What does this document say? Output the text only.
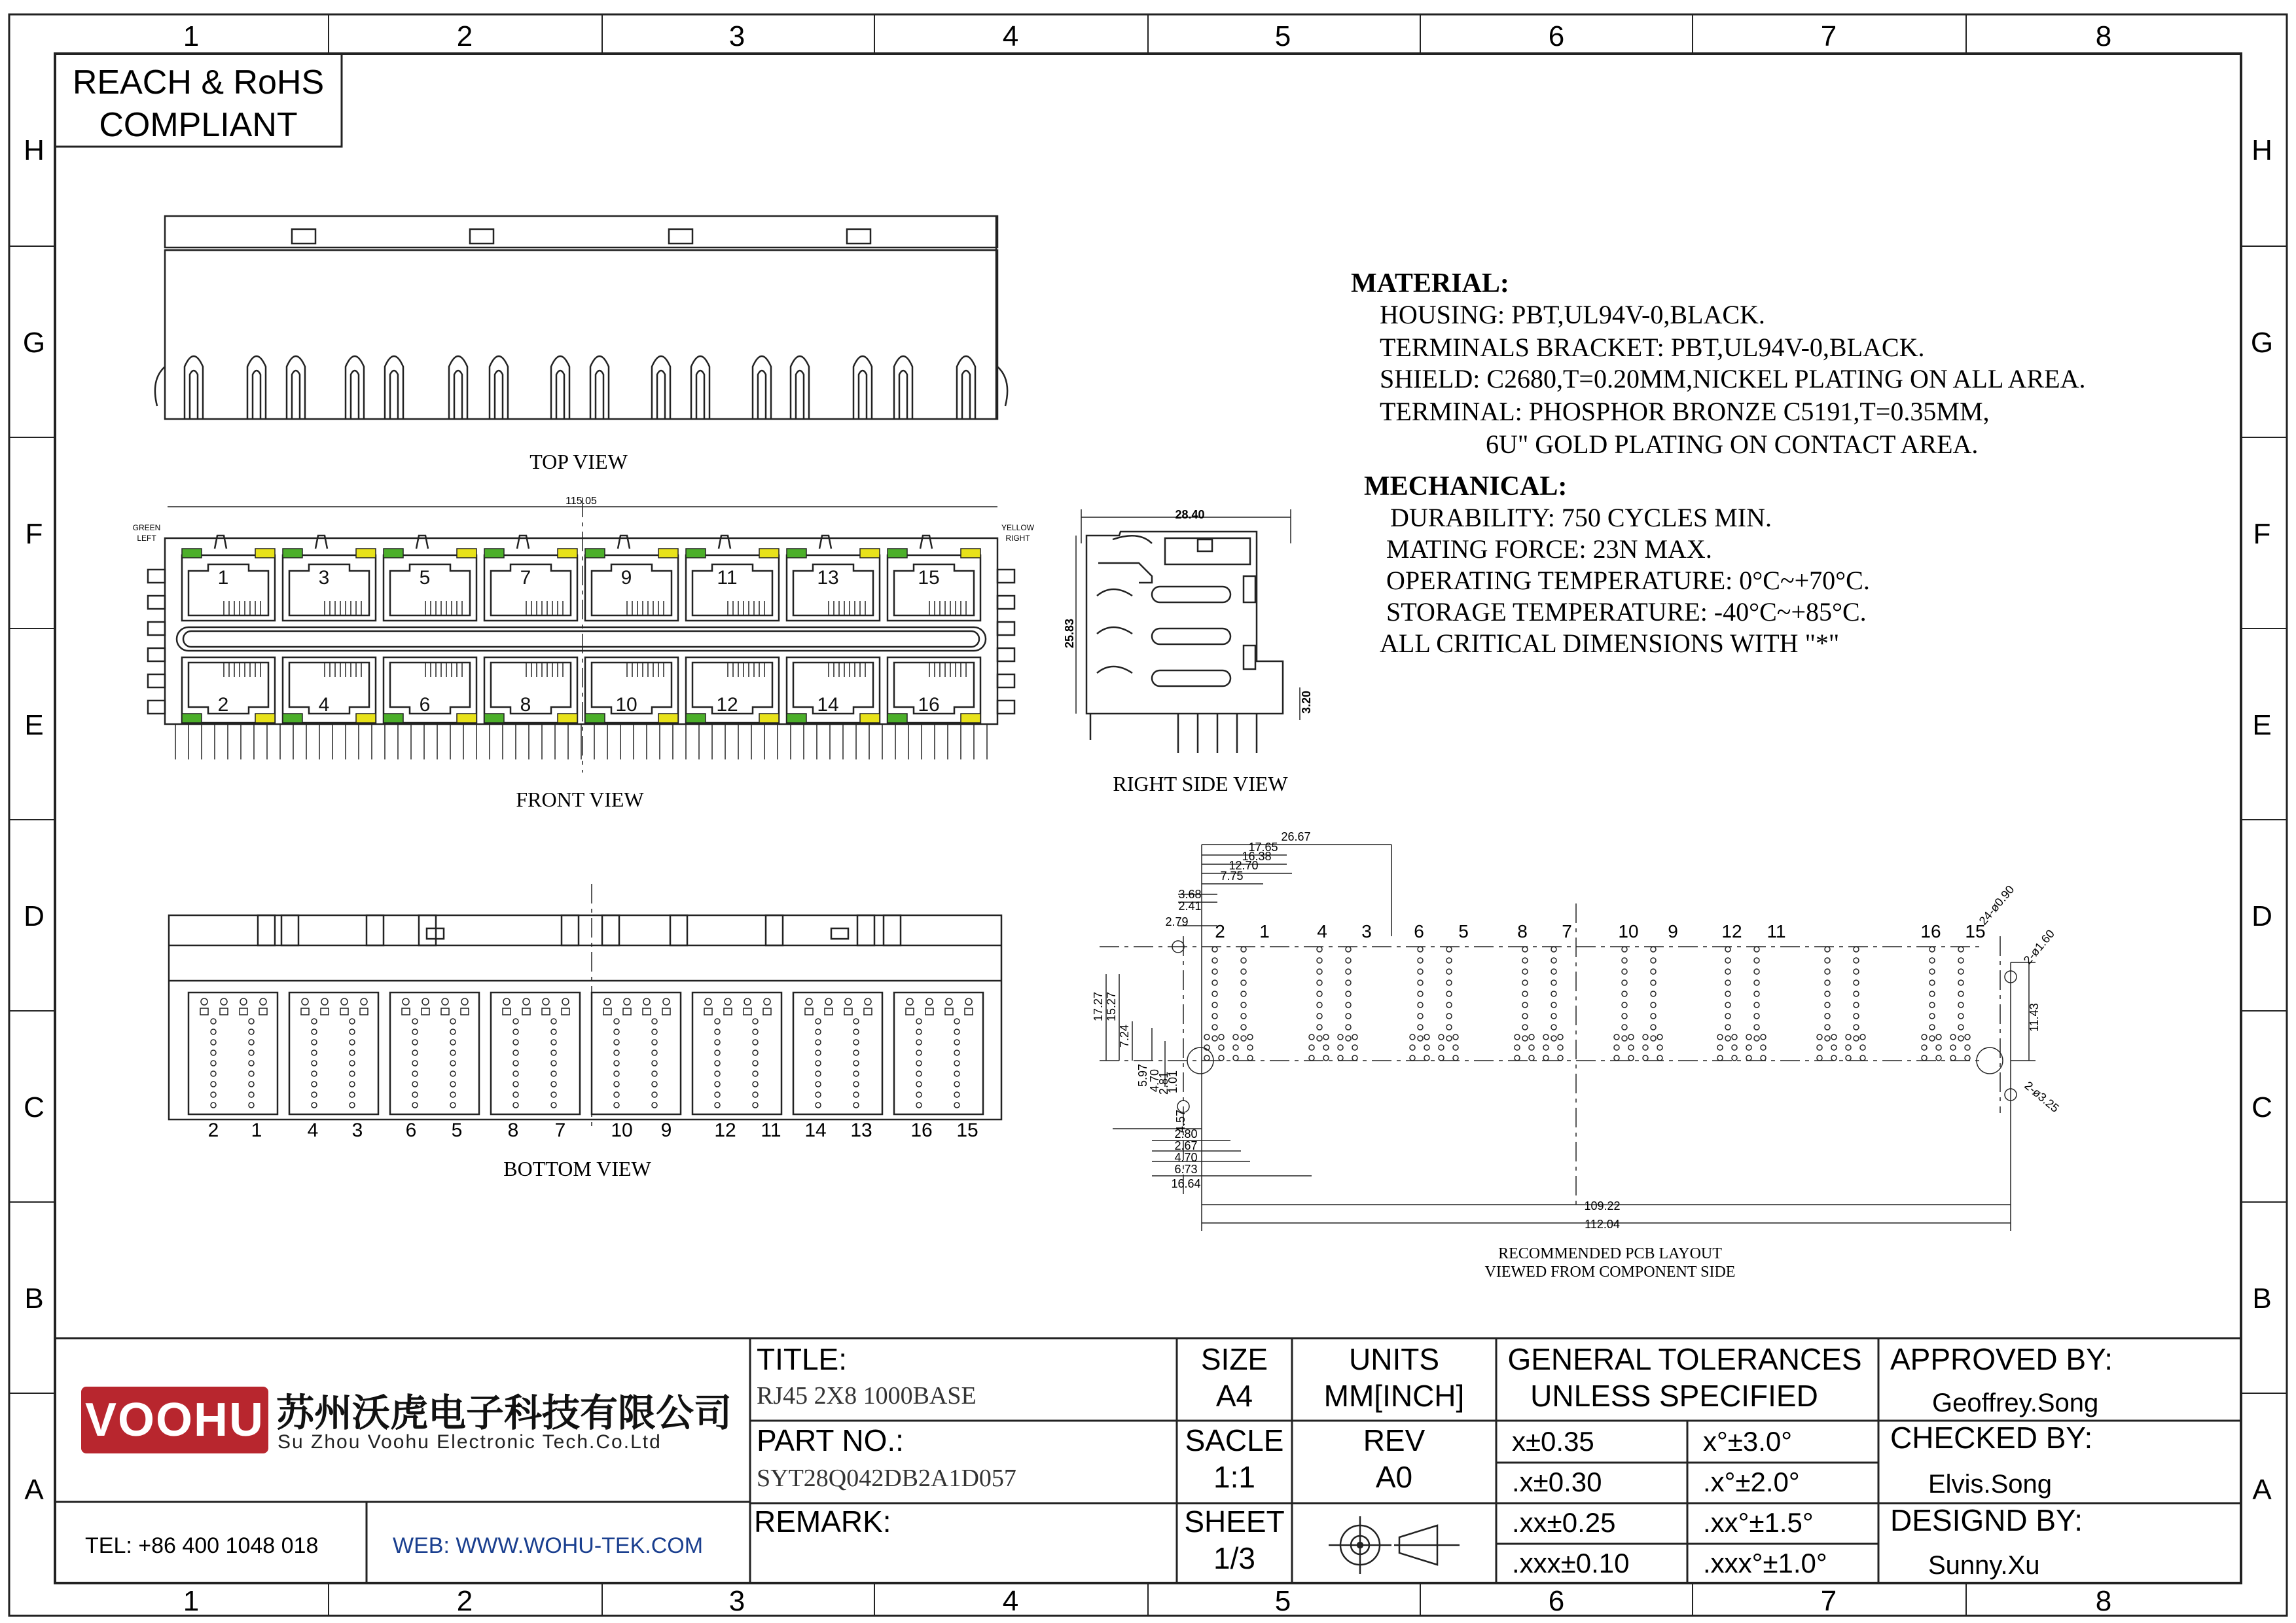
1
1
2
2
3
3
4
4
5
5
6
6
7
7
8
8
H	H
G	G
F	F
E	E
D	D
C	C
B	B
A	A
REACH & RoHS
COMPLIANT
TOP VIEW
1	3	5	7	9	11	13	15
2	4	6	8	10	12	14	16
115.05
GREEN
LEFT
YELLOW
RIGHT
FRONT VIEW
28.40
25.83
3.20
RIGHT SIDE VIEW
2 1 4 3 6 5 8 7 10 9 12 11 14 13 16 15
BOTTOM VIEW
MATERIAL:
HOUSING: PBT,UL94V-0,BLACK.
TERMINALS BRACKET: PBT,UL94V-0,BLACK.
SHIELD: C2680,T=0.20MM,NICKEL PLATING ON ALL AREA.
TERMINAL: PHOSPHOR BRONZE C5191,T=0.35MM,
6U" GOLD PLATING ON CONTACT AREA.
MECHANICAL:
DURABILITY: 750 CYCLES MIN.
MATING FORCE: 23N MAX.
OPERATING TEMPERATURE: 0°C~+70°C.
STORAGE TEMPERATURE: -40°C~+85°C.
ALL CRITICAL DIMENSIONS WITH "*"
2 1	4 3 6 5	8 7	10 9 12 11	16 15
26.67
17.65
16.38
12.70
7.75
3.68
2.41
2.79
17.27 15.27
7.24
5.97
4.70
2.81
1.01
4.57
2.80
2.67
4.70
6.73
16.64
109.22
112.04
11.43
24-ø0.90
2-ø1.60
2-ø3.25
RECOMMENDED PCB LAYOUT
VIEWED FROM COMPONENT SIDE
VOOHU 苏州沃虎电子科技有限公司
Su Zhou Voohu Electronic Tech.Co.Ltd
TEL: +86 400 1048 018	WEB: WWW.WOHU-TEK.COM
TITLE:
RJ45 2X8 1000BASE
PART NO.:
SYT28Q042DB2A1D057
REMARK:
SIZE
A4
UNITS
MM[INCH]
SACLE
1:1
REV
A0
SHEET
1/3
GENERAL TOLERANCES
UNLESS SPECIFIED
x±0.35	x°±3.0°
.x±0.30	.x°±2.0°
.xx±0.25	.xx°±1.5°
.xxx±0.10	.xxx°±1.0°
APPROVED BY:
Geoffrey.Song
CHECKED BY:
Elvis.Song
DESIGND BY:
Sunny.Xu
